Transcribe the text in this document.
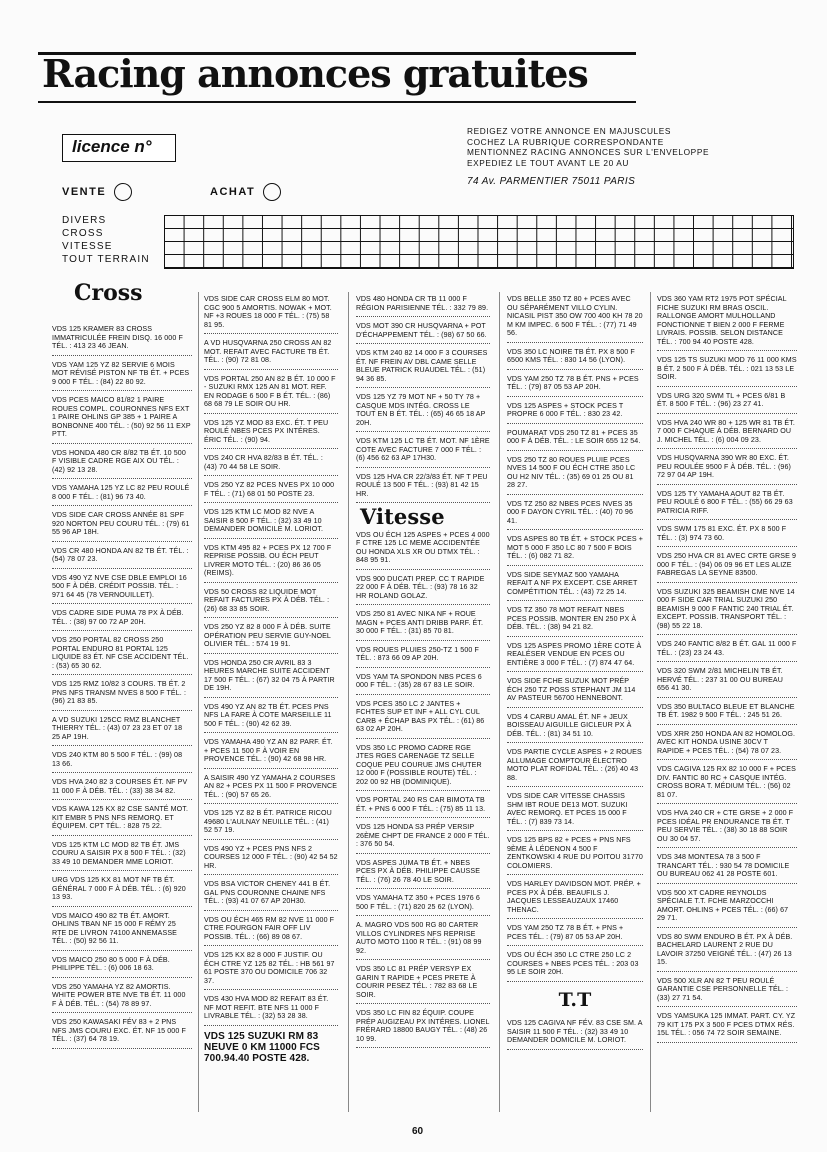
Racing annonces gratuites
licence n°
REDIGEZ VOTRE ANNONCE EN MAJUSCULES
COCHEZ LA RUBRIQUE CORRESPONDANTE
MENTIONNEZ RACING ANNONCES SUR L'ENVELOPPE
EXPEDIEZ LE TOUT AVANT LE 20 AU
74 Av. PARMENTIER 75011 PARIS
VENTE	ACHAT
DIVERS
CROSS
VITESSE
TOUT TERRAIN
Cross
VDS 125 KRAMER 83 CROSS IMMATRICULÉE FREIN DISQ. 16 000 F TÉL. : 413 23 46 JEAN.
VDS YAM 125 YZ 82 SERVIE 6 MOIS MOT RÉVISÉ PISTON NF TB ÉT. + PCES 9 000 F TÉL. : (84) 22 80 92.
VDS PCES MAICO 81/82 1 PAIRE ROUES COMPL. COURONNES NFS EXT 1 PAIRE OHLINS GP 385 + 1 PAIRE A BONBONNE 400 TÉL. : (50) 92 56 11 EXP PTT.
VDS HONDA 480 CR 8/82 TB ÉT. 10 500 F VISIBLE CADRE RGE AIX OU TÉL. : (42) 92 13 28.
VDS YAMAHA 125 YZ LC 82 PEU ROULÉ 8 000 F TÉL. : (81) 96 73 40.
VDS SIDE CAR CROSS ANNÉE 81 SPF 920 NORTON PEU COURU TÉL. : (79) 61 55 96 AP 18H.
VDS CR 480 HONDA AN 82 TB ÉT. TÉL. : (54) 78 07 23.
VDS 490 YZ NVE CSE DBLE EMPLOI 16 500 F À DÉB. CRÉDIT POSSIB. TÉL. : 971 64 45 (78 VERNOUILLET).
VDS CADRE SIDE PUMA 78 PX À DÉB. TÉL. : (38) 97 00 72 AP 20H.
VDS 250 PORTAL 82 CROSS 250 PORTAL ENDURO 81 PORTAL 125 LIQUIDE 83 ÉT. NF CSE ACCIDENT TÉL. : (53) 65 30 62.
VDS 125 RMZ 10/82 3 COURS. TB ÉT. 2 PNS NFS TRANSM NVES 8 500 F TÉL. : (96) 21 83 85.
A VD SUZUKI 125CC RMZ BLANCHET THIERRY TÉL. : (43) 07 23 23 ET 07 18 25 AP 19H.
VDS 240 KTM 80 5 500 F TÉL. : (99) 08 13 66.
VDS HVA 240 82 3 COURSES ÉT. NF PV 11 000 F À DÉB. TÉL. : (33) 38 34 82.
VDS KAWA 125 KX 82 CSE SANTÉ MOT. KIT EMBR 5 PNS NFS REMORQ. ET ÉQUIPEM. CPT TÉL. : 828 75 22.
VDS 125 KTM LC MOD 82 TB ÉT. JMS COURU A SAISIR PX 8 500 F TÉL. : (32) 33 49 10 DEMANDER MME LORIOT.
URG VDS 125 KX 81 MOT NF TB ÉT. GÉNÉRAL 7 000 F À DÉB. TÉL. : (6) 920 13 93.
VDS MAICO 490 82 TB ÉT. AMORT. OHLINS TBAN NF 15 000 F RÉMY 25 RTE DE LIVRON 74100 ANNEMASSE TÉL. : (50) 92 56 11.
VDS MAICO 250 80 5 000 F À DÉB. PHILIPPE TÉL. : (6) 006 18 63.
VDS 250 YAMAHA YZ 82 AMORTIS. WHITE POWER BTE NVE TB ÉT. 11 000 F À DÉB. TÉL. : (54) 78 89 97.
VDS 250 KAWASAKI FÉV 83 + 2 PNS NFS JMS COURU EXC. ÉT. NF 15 000 F TÉL. : (37) 64 78 19.
VDS SIDE CAR CROSS ELM 80 MOT. CGC 900 5 AMORTIS. NOWAK + MOT. NF +3 ROUES 18 000 F TÉL. : (75) 58 81 95.
A VD HUSQVARNA 250 CROSS AN 82 MOT. REFAIT AVEC FACTURE TB ÉT. TÉL. : (90) 72 81 08.
VDS PORTAL 250 AN 82 B ÉT. 10 000 F - SUZUKI RMX 125 AN 81 MOT. REF. EN RODAGE 6 500 F B ÉT. TÉL. : (86) 68 68 79 LE SOIR OU HR.
VDS 125 YZ MOD 83 EXC. ÉT. T PEU ROULÉ NBES PCES PX INTÉRES. ÉRIC TÉL. : (90) 94.
VDS 240 CR HVA 82/83 B ÉT. TÉL. : (43) 70 44 58 LE SOIR.
VDS 250 YZ 82 PCES NVES PX 10 000 F TÉL. : (71) 68 01 50 POSTE 23.
VDS 125 KTM LC MOD 82 NVE A SAISIR 8 500 F TÉL. : (32) 33 49 10 DEMANDER DOMICILE M. LORIOT.
VDS KTM 495 82 + PCES PX 12 700 F REPRISE POSSIB. OU ÉCH PEUT LIVRER MOTO TÉL. : (20) 86 36 05 (REIMS).
VDS 50 CROSS 82 LIQUIDE MOT REFAIT FACTURES PX À DÉB. TÉL. : (26) 68 33 85 SOIR.
VDS 250 YZ 82 8 000 F À DÉB. SUITE OPÉRATION PEU SERVIE GUY-NOEL OLIVIER TÉL. : 574 19 91.
VDS HONDA 250 CR AVRIL 83 3 HEURES MARCHE SUITE ACCIDENT 17 500 F TÉL. : (67) 32 04 75 À PARTIR DE 19H.
VDS 490 YZ AN 82 TB ÉT. PCES PNS NFS LA FARE À COTE MARSEILLE 11 500 F TÉL. : (90) 42 62 39.
VDS YAMAHA 490 YZ AN 82 PARF. ÉT. + PCES 11 500 F À VOIR EN PROVENCE TÉL. : (90) 42 68 98 HR.
A SAISIR 490 YZ YAMAHA 2 COURSES AN 82 + PCES PX 11 500 F PROVENCE TÉL. : (90) 57 65 26.
VDS 125 YZ 82 B ÉT. PATRICE RICOU 49680 L'AULNAY NEUILLE TÉL. : (41) 52 57 19.
VDS 490 YZ + PCES PNS NFS 2 COURSES 12 000 F TÉL. : (90) 42 54 52 HR.
VDS BSA VICTOR CHENEY 441 B ÉT. GAL PNS COURONNE CHAINE NFS TÉL. : (93) 41 07 67 AP 20H30.
VDS OU ÉCH 465 RM 82 NVE 11 000 F CTRE FOURGON FAIR OFF LIV POSSIB. TÉL. : (66) 89 08 67.
VDS 125 KX 82 8 000 F JUSTIF. OU ÉCH CTRE YZ 125 82 TÉL. : HB 561 97 61 POSTE 370 OU DOMICILE 706 32 37.
VDS 430 HVA MOD 82 REFAIT 83 ÉT. NF MOT REFIT. BTE NFS 11 000 F LIVRABLE TÉL. : (32) 53 28 38.
VDS 125 SUZUKI RM 83 NEUVE 0 KM 11000 FCS 700.94.40 POSTE 428.
VDS 480 HONDA CR TB 11 000 F RÉGION PARISIENNE TÉL. : 332 79 89.
VDS MOT 390 CR HUSQVARNA + POT D'ÉCHAPPEMENT TÉL. : (98) 67 50 66.
VDS KTM 240 82 14 000 F 3 COURSES ÉT. NF FREIN AV DBL CAME SELLE BLEUE PATRICK RUAUDEL TÉL. : (51) 94 36 85.
VDS 125 YZ 79 MOT NF + 50 TY 78 + CASQUE MDS INTÉG. CROSS LE TOUT EN B ÉT. TÉL. : (65) 46 65 18 AP 20H.
VDS KTM 125 LC TB ÉT. MOT. NF 1ÈRE COTE AVEC FACTURE 7 000 F TÉL. : (6) 456 62 63 AP 17H30.
VDS 125 HVA CR 22/3/83 ÉT. NF T PEU ROULÉ 13 500 F TÉL. : (93) 81 42 15 HR.
Vitesse
VDS OU ÉCH 125 ASPES + PCES 4 000 F CTRE 125 LC MEME ACCIDENTÉE OU HONDA XLS XR OU DTMX TÉL. : 848 95 91.
VDS 900 DUCATI PREP. CC T RAPIDE 22 000 F À DÉB. TÉL. : (93) 78 16 32 HR ROLAND GOLAZ.
VDS 250 81 AVEC NIKA NF + ROUE MAGN + PCES ANTI DRIBB PARF. ÉT. 30 000 F TÉL. : (31) 85 70 81.
VDS ROUES PLUIES 250-TZ 1 500 F TÉL. : 873 66 09 AP 20H.
VDS YAM TA SPONDON NBS PCES 6 000 F TÉL. : (35) 28 67 83 LE SOIR.
VDS PCES 350 LC 2 JANTES + FCHTES SUP ET INF + ALL CYL CUL CARB + ÉCHAP BAS PX TÉL. : (61) 86 63 02 AP 20H.
VDS 350 LC PROMO CADRE RGE JTES RGES CARENAGE TZ SELLE COQUE PEU COURUE JMS CHUTER 12 000 F (POSSIBLE ROUTE) TÉL. : 202 00 92 HB (DOMINIQUE).
VDS PORTAL 240 RS CAR BIMOTA TB ÉT. + PNS 6 000 F TÉL. : (75) 85 11 13.
VDS 125 HONDA S3 PRÉP VERSIP 26ÈME CHPT DE FRANCE 2 000 F TÉL. : 376 50 54.
VDS ASPES JUMA TB ÉT. + NBES PCES PX À DÉB. PHILIPPE CAUSSE TÉL. : (76) 26 78 40 LE SOIR.
VDS YAMAHA TZ 350 + PCES 1976 6 500 F TÉL. : (71) 820 25 62 (LYON).
A. MAGRO VDS 500 RG 80 CARTER VILLOS CYLINDRES NFS REPRISE AUTO MOTO 1100 R TÉL. : (91) 08 99 92.
VDS 350 LC 81 PRÉP VERSYP EX GARIN T RAPIDE + PCES PRETE À COURIR PESEZ TÉL. : 782 83 68 LE SOIR.
VDS 350 LC FIN 82 ÉQUIP. COUPE PRÉP AUGIZEAU PX INTÉRES. LIONEL FRÉRARD 18800 BAUGY TÉL. : (48) 26 10 99.
VDS BELLE 350 TZ 80 + PCES AVEC OU SÉPARÉMENT VILLO CYLIN. NICASIL PIST 350 OW 700 400 KH 78 20 M KM IMPEC. 6 500 F TÉL. : (77) 71 49 56.
VDS 350 LC NOIRE TB ÉT. PX 8 500 F 6500 KMS TÉL. : 830 14 56 (LYON).
VDS YAM 250 TZ 78 B ÉT. PNS + PCES TÉL. : (79) 87 05 53 AP 20H.
VDS 125 ASPES + STOCK PCES T PROPRE 6 000 F TÉL. : 830 23 42.
POUMARAT VDS 250 TZ 81 + PCES 35 000 F À DÉB. TÉL. : LE SOIR 655 12 54.
VDS 250 TZ 80 ROUES PLUIE PCES NVES 14 500 F OU ÉCH CTRE 350 LC OU H2 NIV TÉL. : (35) 69 01 25 OU 81 28 27.
VDS TZ 250 82 NBES PCES NVES 35 000 F DAYON CYRIL TÉL. : (40) 70 96 41.
VDS ASPES 80 TB ÉT. + STOCK PCES + MOT 5 000 F 350 LC 80 7 500 F BOIS TÉL. : (6) 082 71 82.
VDS SIDE SEYMAZ 500 YAMAHA REFAIT A NF PX EXCEPT. CSE ARRET COMPÉTITION TÉL. : (43) 72 25 14.
VDS TZ 350 78 MOT REFAIT NBES PCES POSSIB. MONTER EN 250 PX À DÉB. TÉL. : (38) 94 21 82.
VDS 125 ASPES PROMO 1ÈRE COTE À REALÉSER VENDUE EN PCES OU ENTIÈRE 3 000 F TÉL. : (7) 874 47 64.
VDS SIDE FCHE SUZUK MOT PRÉP ÉCH 250 TZ POSS STEPHANT JM 114 AV PASTEUR 56700 HENNEBONT.
VDS 4 CARBU AMAL ÉT. NF + JEUX BOISSEAU AIGUILLE GICLEUR PX À DÉB. TÉL. : (81) 34 51 10.
VDS PARTIE CYCLE ASPES + 2 ROUES ALLUMAGE COMPTOUR ÉLECTRO MOTO PLAT ROFIDAL TÉL. : (26) 40 43 88.
VDS SIDE CAR VITESSE CHASSIS SHM IBT ROUE DE13 MOT. SUZUKI AVEC REMORQ. ET PCES 15 000 F TÉL. : (7) 839 73 14.
VDS 125 BPS 82 + PCES + PNS NFS 9ÈME À LÉDENON 4 500 F ZENTKOWSKI 4 RUE DU POITOU 31770 COLOMIERS.
VDS HARLEY DAVIDSON MOT. PRÉP. + PCES PX À DÉB. BEAUFILS J. JACQUES LESSEAUZAUX 17460 THENAC.
VDS YAM 250 TZ 78 B ÉT. + PNS + PCES TÉL. : (79) 87 05 53 AP 20H.
VDS OU ÉCH 350 LC CTRE 250 LC 2 COURSES + NBES PCES TÉL. : 203 03 95 LE SOIR 20H.
T.T
VDS 125 CAGIVA NF FÉV. 83 CSE SM. A SAISIR 11 500 F TÉL. : (32) 33 49 10 DEMANDER DOMICILE M. LORIOT.
VDS 360 YAM RT2 1975 POT SPÉCIAL FICHE SUZUKI RM BRAS OSCIL. RALLONGE AMORT MULHOLLAND FONCTIONNE T BIEN 2 000 F FERME LIVRAIS. POSSIB. SELON DISTANCE TÉL. : 700 94 40 POSTE 428.
VDS 125 TS SUZUKI MOD 76 11 000 KMS B ÉT. 2 500 F À DÉB. TÉL. : 021 13 53 LE SOIR.
VDS URG 320 SWM TL + PCES 6/81 B ÉT. 8 500 F TÉL. : (96) 23 27 41.
VDS HVA 240 WR 80 + 125 WR 81 TB ÉT. 7 000 F CHAQUE À DÉB. BERNARD OU J. MICHEL TÉL. : (6) 004 09 23.
VDS HUSQVARNA 390 WR 80 EXC. ÉT. PEU ROULÉE 9500 F À DÉB. TÉL. : (96) 72 97 04 AP 19H.
VDS 125 TY YAMAHA AOUT 82 TB ÉT. PEU ROULÉ 6 800 F TÉL. : (55) 66 29 63 PATRICIA RIFF.
VDS SWM 175 81 EXC. ÉT. PX 8 500 F TÉL. : (3) 974 73 60.
VDS 250 HVA CR 81 AVEC CRTE GRSE 9 000 F TÉL. : (94) 06 09 96 ET LES ALIZE FABREGAS LA SEYNE 83500.
VDS SUZUKI 325 BEAMISH CME NVE 14 000 F SIDE CAR TRIAL SUZUKI 250 BEAMISH 9 000 F FANTIC 240 TRIAL ÉT. EXCEPT. POSSIB. TRANSPORT TÉL. : (98) 55 22 18.
VDS 240 FANTIC 8/82 B ÉT. GAL 11 000 F TÉL. : (23) 23 24 43.
VDS 320 SWM 2/81 MICHELIN TB ÉT. HERVÉ TÉL. : 237 31 00 OU BUREAU 656 41 30.
VDS 350 BULTACO BLEUE ET BLANCHE TB ÉT. 1982 9 500 F TÉL. : 245 51 26.
VDS XRR 250 HONDA AN 82 HOMOLOG. AVEC KIT HONDA USINE 30CV T RAPIDE + PCES TÉL. : (54) 78 07 23.
VDS CAGIVA 125 RX 82 10 000 F + PCES DIV. FANTIC 80 RC + CASQUE INTÉG. CROSS BORA T. MÉDIUM TÉL. : (56) 02 81 07.
VDS HVA 240 CR + CTE GRSE + 2 000 F PCES IDÉAL PR ENDURANCE TB ÉT. T PEU SERVIE TÉL. : (38) 30 18 88 SOIR OU 30 04 57.
VDS 348 MONTESA 78 3 500 F TRANCART TÉL. : 930 54 78 DOMICILE OU BUREAU 062 41 28 POSTE 601.
VDS 500 XT CADRE REYNOLDS SPÉCIALE T.T. FCHE MARZOCCHI AMORT. OHLINS + PCES TÉL. : (66) 67 29 71.
VDS 80 SWM ENDURO B ÉT. PX À DÉB. BACHELARD LAURENT 2 RUE DU LAVOIR 37250 VEIGNÉ TÉL. : (47) 26 13 15.
VDS 500 XLR AN 82 T PEU ROULÉ GARANTIE CSE PERSONNELLE TÉL. : (33) 27 71 54.
VDS YAMSUKA 125 IMMAT. PART. CY. YZ 79 KIT 175 PX 3 500 F PCES DTMX RÉS. 15L TÉL. : 056 74 72 SOIR SEMAINE.
60
